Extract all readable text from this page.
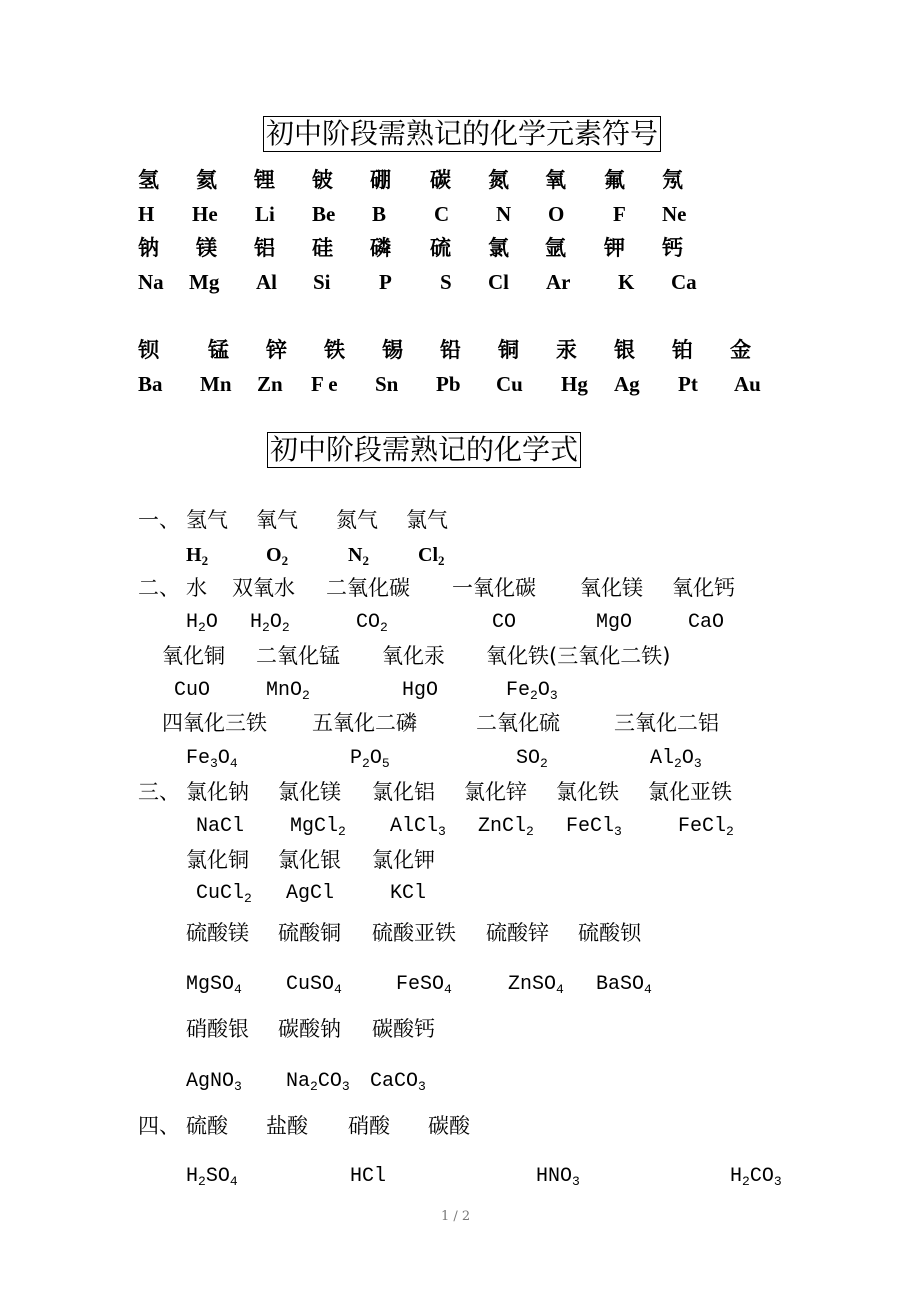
初中阶段需熟记的化学元素符号
氢 氦 锂 铍 硼 碳 氮 氧 氟 氖
H He Li Be B C N O F Ne
钠 镁 铝 硅 磷 硫 氯 氩 钾 钙
Na Mg Al Si P S Cl Ar K Ca
钡 锰 锌 铁 锡 铅 铜 汞 银 铂 金
Ba Mn Zn F e Sn Pb Cu Hg Ag Pt Au
初中阶段需熟记的化学式
一、 氢气 氧气 氮气 氯气
$H_2$	$O_2$	$N_2$ $Cl_2$
二、 水 双氧水 二氧化碳 一氧化碳 氧化镁 氧化钙
$H_2O$ $H_2O_2$	$CO_2$	CO	MgO	CaO
氧化铜 二氧化锰 氧化汞 氧化铁(三氧化二铁)
CuO	MnO$_2$	HgO	$Fe_2O_3$
四氧化三铁 五氧化二磷	二氧化硫	三氧化二铝
$Fe_3O_4$	$P_2O_5$	$SO_2$	$Al_2O_3$
三、 氯化钠 氯化镁 氯化铝 氯化锌 氯化铁 氯化亚铁
NaCl MgCl$_2$ AlCl$_3$ ZnCl$_2$ FeCl$_3$	FeCl$_2$
氯化铜 氯化银 氯化钾
CuCl$_2$ AgCl	KCl
硫酸镁 硫酸铜 硫酸亚铁 硫酸锌 硫酸钡
MgSO$_4$ CuSO$_4$	FeSO$_4$	ZnSO$_4$ BaSO$_4$
硝酸银 碳酸钠 碳酸钙
AgNO$_3$ $Na_2CO_3$ CaCO$_3$
四、 硫酸 盐酸 硝酸 碳酸
$H_2SO_4$	HCl	$HNO_3$	$H_2CO_3$
1 / 2
